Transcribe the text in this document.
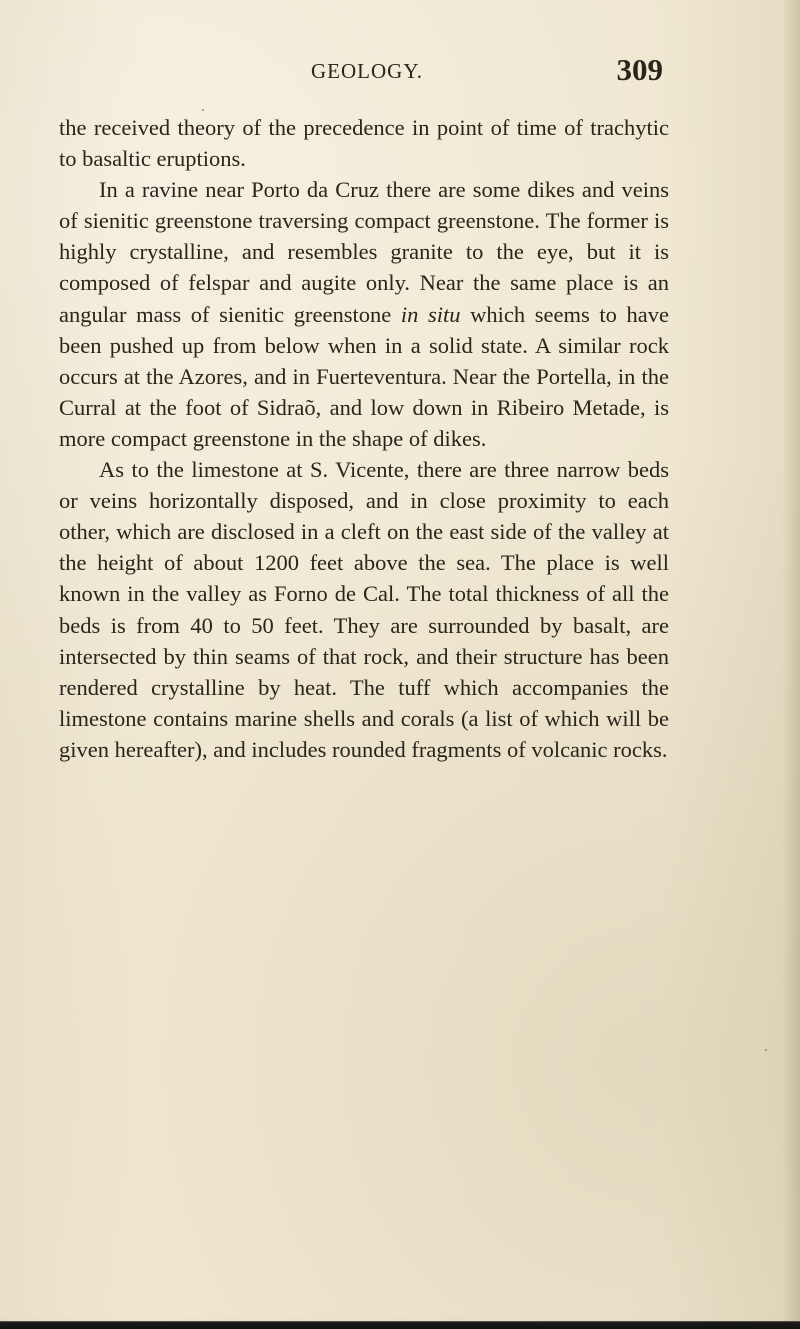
GEOLOGY.	309

the received theory of the precedence in point of time of trachytic to basaltic eruptions.

In a ravine near Porto da Cruz there are some dikes and veins of sienitic greenstone traversing compact greenstone. The former is highly crystalline, and resembles granite to the eye, but it is composed of felspar and augite only. Near the same place is an angular mass of sienitic greenstone in situ which seems to have been pushed up from below when in a solid state. A similar rock occurs at the Azores, and in Fuerteventura. Near the Portella, in the Curral at the foot of Sidraõ, and low down in Ribeiro Metade, is more compact greenstone in the shape of dikes.

As to the limestone at S. Vicente, there are three narrow beds or veins horizontally disposed, and in close proximity to each other, which are disclosed in a cleft on the east side of the valley at the height of about 1200 feet above the sea. The place is well known in the valley as Forno de Cal. The total thickness of all the beds is from 40 to 50 feet. They are surrounded by basalt, are intersected by thin seams of that rock, and their structure has been rendered crystalline by heat. The tuff which accompanies the limestone contains marine shells and corals (a list of which will be given hereafter), and includes rounded fragments of volcanic rocks.
